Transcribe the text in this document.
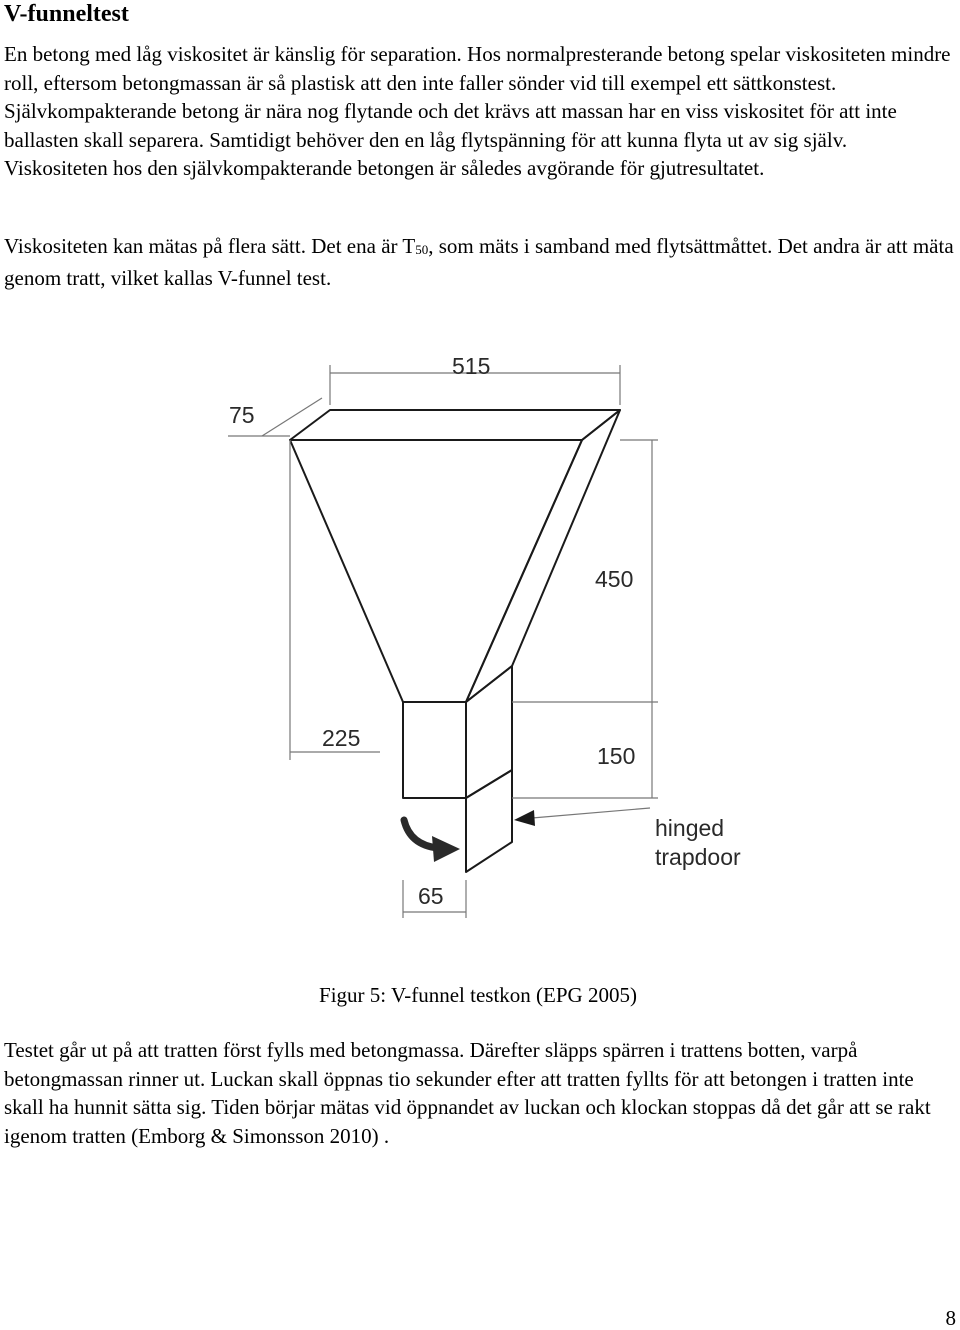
V-funneltest

En betong med låg viskositet är känslig för separation. Hos normalpresterande betong spelar viskositeten mindre roll, eftersom betongmassan är så plastisk att den inte faller sönder vid till exempel ett sättkonstest. Självkompakterande betong är nära nog flytande och det krävs att massan har en viss viskositet för att inte ballasten skall separera. Samtidigt behöver den en låg flytspänning för att kunna flyta ut av sig själv. Viskositeten hos den självkompakterande betongen är således avgörande för gjutresultatet.

Viskositeten kan mätas på flera sätt. Det ena är T50, som mäts i samband med flytsättmåttet. Det andra är att mäta genom tratt, vilket kallas V-funnel test.

515
75
450
150
225
65
hinged
trapdoor

Figur 5: V-funnel testkon (EPG 2005)

Testet går ut på att tratten först fylls med betongmassa. Därefter släpps spärren i trattens botten, varpå betongmassan rinner ut. Luckan skall öppnas tio sekunder efter att tratten fyllts för att betongen i tratten inte skall ha hunnit sätta sig. Tiden börjar mätas vid öppnandet av luckan och klockan stoppas då det går att se rakt igenom tratten (Emborg & Simonsson 2010) .

8
